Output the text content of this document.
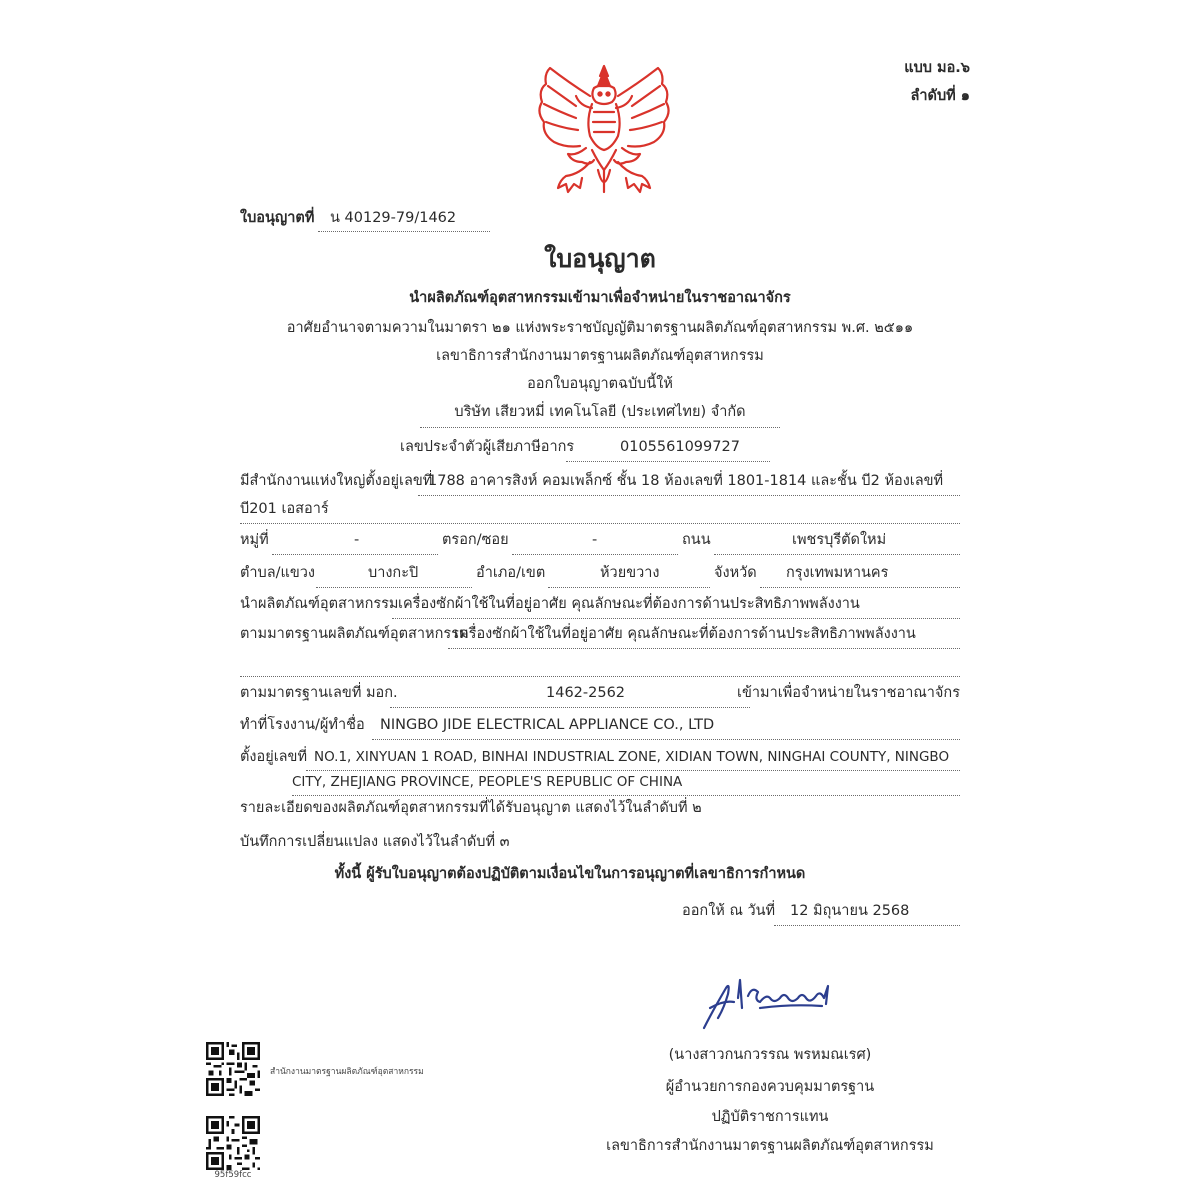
แบบ มอ.๖
ลำดับที่ ๑
ใบอนุญาตที่ น 40129-79/1462
ใบอนุญาต
นำผลิตภัณฑ์อุตสาหกรรมเข้ามาเพื่อจำหน่ายในราชอาณาจักร
อาศัยอำนาจตามความในมาตรา ๒๑ แห่งพระราชบัญญัติมาตรฐานผลิตภัณฑ์อุตสาหกรรม พ.ศ. ๒๕๑๑
เลขาธิการสำนักงานมาตรฐานผลิตภัณฑ์อุตสาหกรรม
ออกใบอนุญาตฉบับนี้ให้
บริษัท เสียวหมี่ เทคโนโลยี (ประเทศไทย) จำกัด
เลขประจำตัวผู้เสียภาษีอากร	0105561099727
มีสำนักงานแห่งใหญ่ตั้งอยู่เลขที่
1788 อาคารสิงห์ คอมเพล็กซ์ ชั้น 18 ห้องเลขที่ 1801-1814 และชั้น บี2 ห้องเลขที่
บี201 เอสอาร์
หมู่ที่	-	ตรอก/ซอย	-	ถนน	เพชรบุรีตัดใหม่
ตำบล/แขวง	บางกะปิ	อำเภอ/เขต	ห้วยขวาง	จังหวัด กรุงเทพมหานคร
นำผลิตภัณฑ์อุตสาหกรรม เครื่องซักผ้าใช้ในที่อยู่อาศัย คุณลักษณะที่ต้องการด้านประสิทธิภาพพลังงาน
ตามมาตรฐานผลิตภัณฑ์อุตสาหกรรม
เครื่องซักผ้าใช้ในที่อยู่อาศัย คุณลักษณะที่ต้องการด้านประสิทธิภาพพลังงาน
ตามมาตรฐานเลขที่ มอก.	1462-2562	เข้ามาเพื่อจำหน่ายในราชอาณาจักร
ทำที่โรงงาน/ผู้ทำชื่อ NINGBO JIDE ELECTRICAL APPLIANCE CO., LTD
ตั้งอยู่เลขที่ NO.1, XINYUAN 1 ROAD, BINHAI INDUSTRIAL ZONE, XIDIAN TOWN, NINGHAI COUNTY, NINGBO
CITY, ZHEJIANG PROVINCE, PEOPLE'S REPUBLIC OF CHINA
รายละเอียดของผลิตภัณฑ์อุตสาหกรรมที่ได้รับอนุญาต แสดงไว้ในลำดับที่ ๒
บันทึกการเปลี่ยนแปลง แสดงไว้ในลำดับที่ ๓
ทั้งนี้ ผู้รับใบอนุญาตต้องปฏิบัติตามเงื่อนไขในการอนุญาตที่เลขาธิการกำหนด
ออกให้ ณ วันที่ 12 มิถุนายน 2568
(นางสาวกนกวรรณ พรหมณเรศ)
ผู้อำนวยการกองควบคุมมาตรฐาน
ปฏิบัติราชการแทน
เลขาธิการสำนักงานมาตรฐานผลิตภัณฑ์อุตสาหกรรม
สำนักงานมาตรฐานผลิตภัณฑ์อุตสาหกรรม
95f59fcc
